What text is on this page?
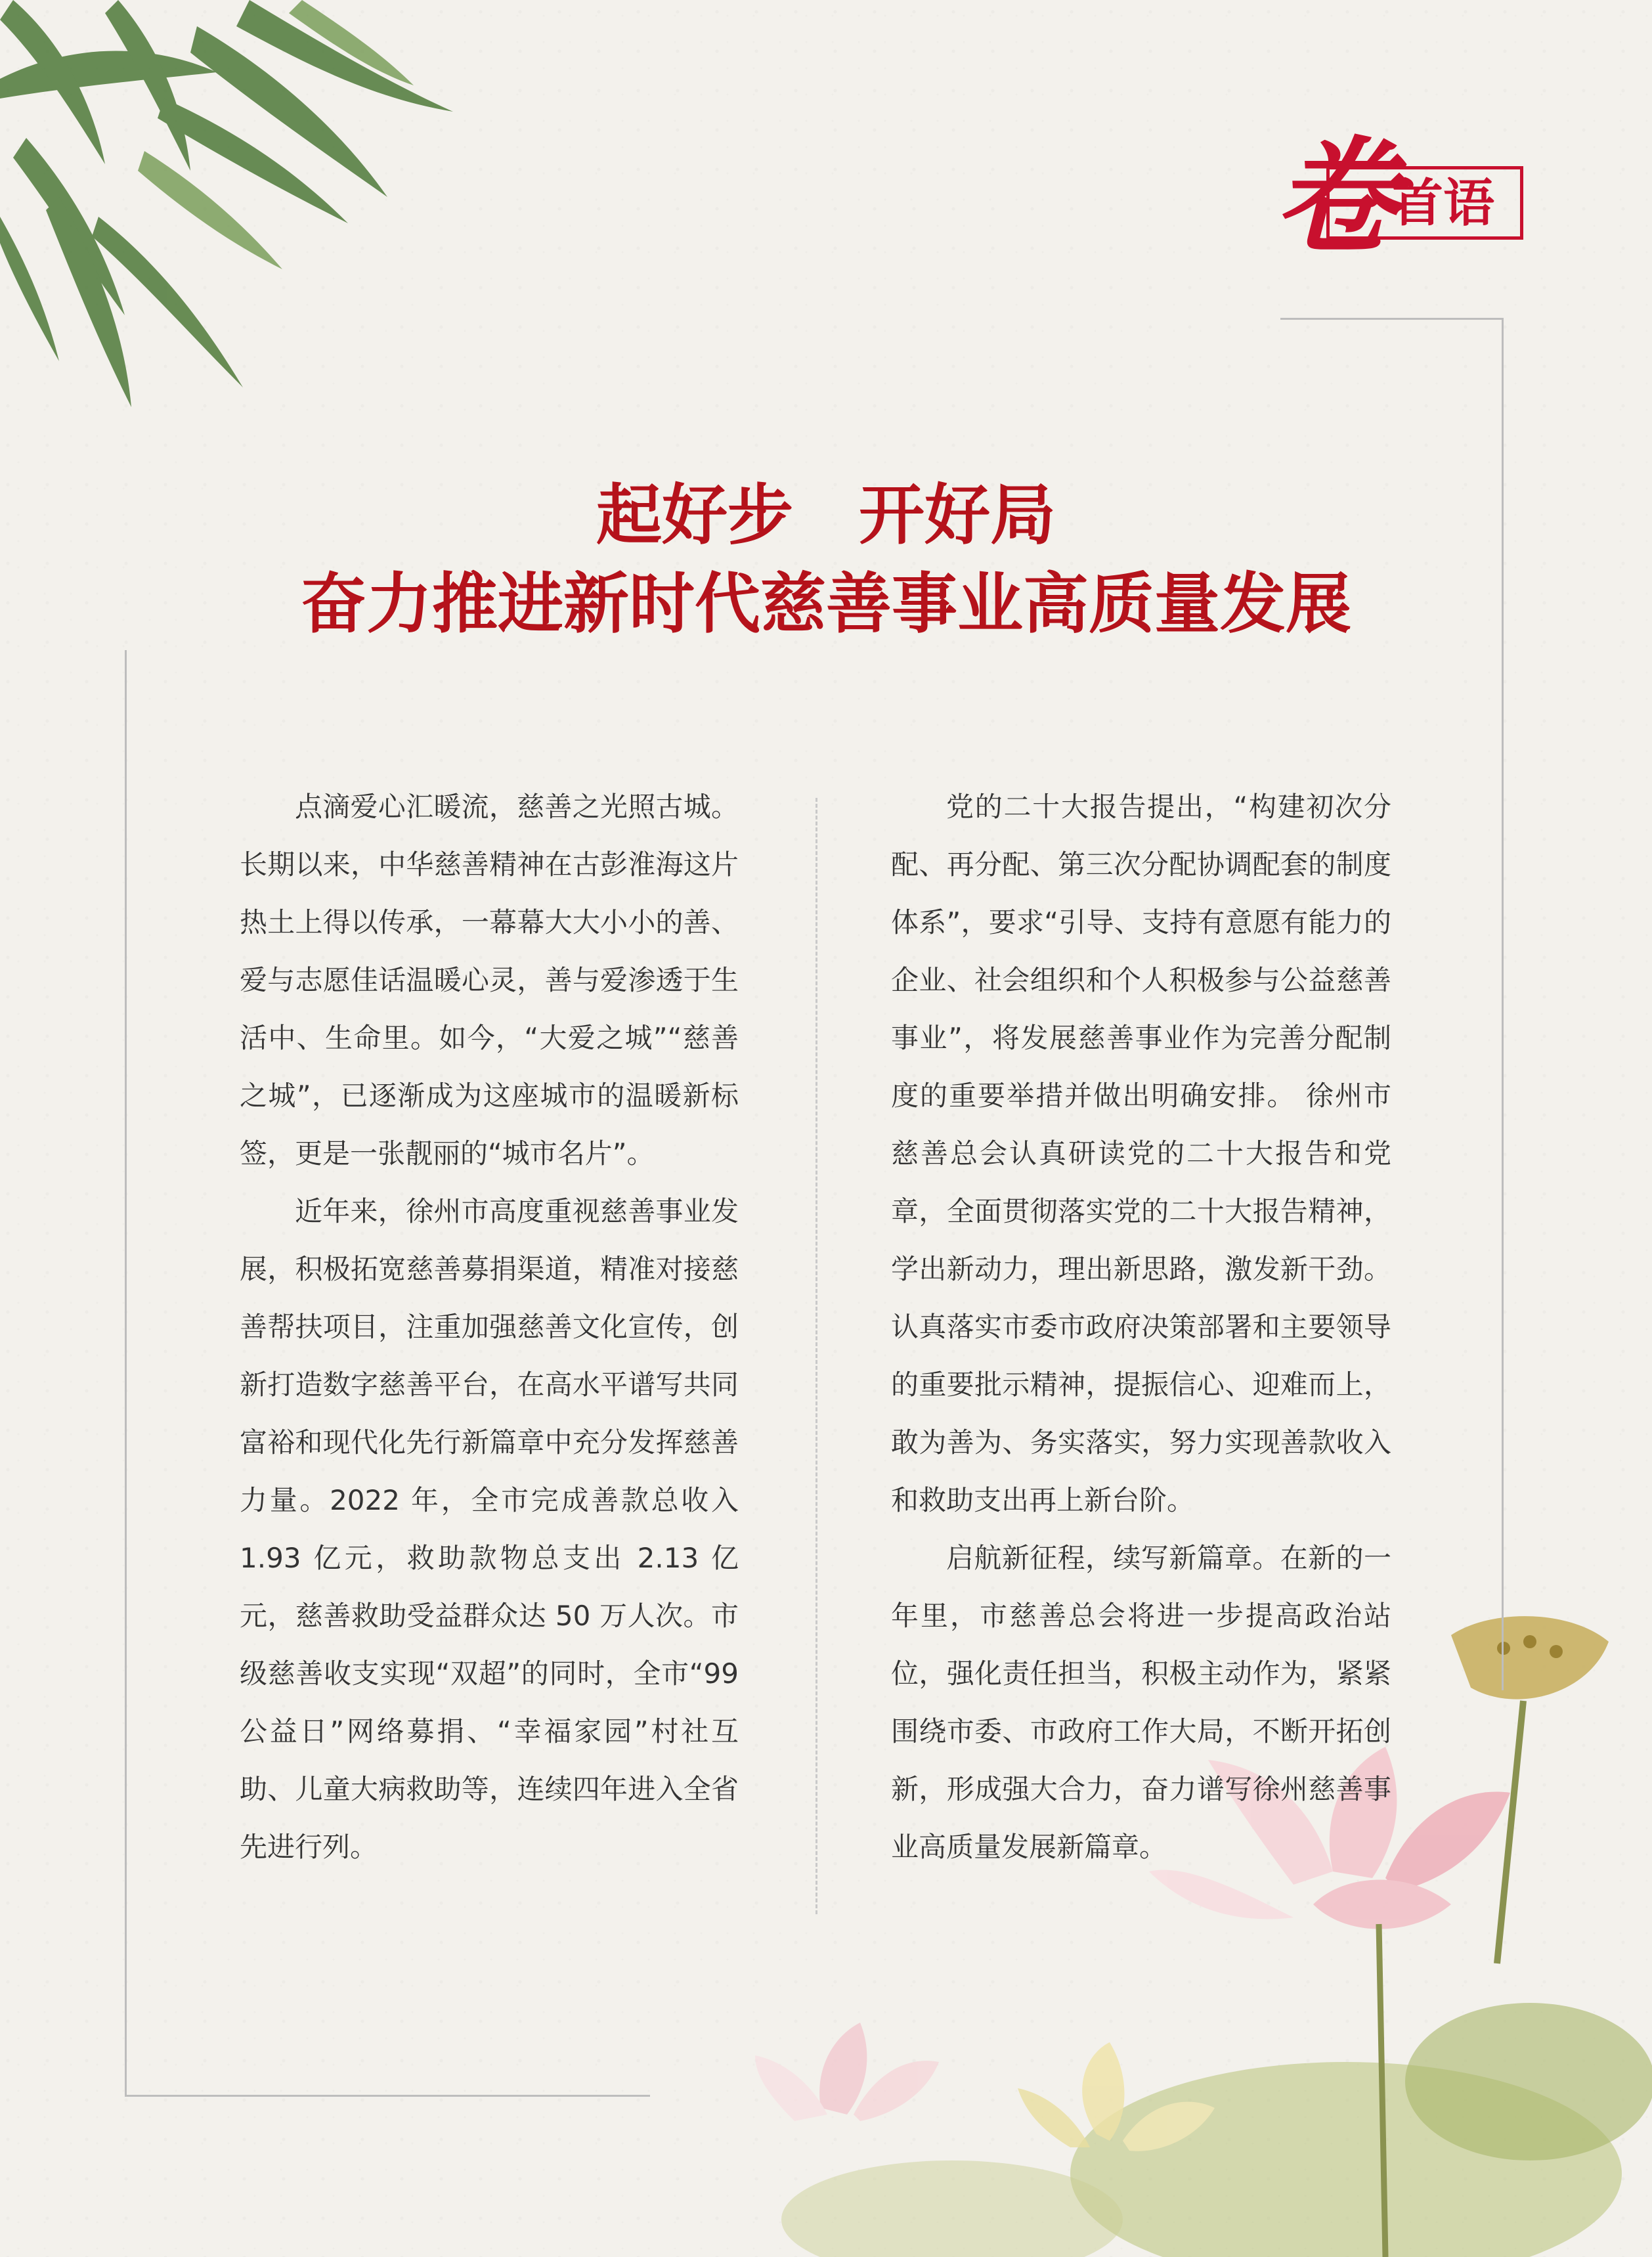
卷
首语
起好步　开好局
奋力推进新时代慈善事业高质量发展

点滴爱心汇暖流，慈善之光照古城。长期以来，中华慈善精神在古彭淮海这片热土上得以传承，一幕幕大大小小的善、爱与志愿佳话温暖心灵，善与爱渗透于生活中、生命里。如今，“大爱之城”“慈善之城”，已逐渐成为这座城市的温暖新标签，更是一张靓丽的“城市名片”。

近年来，徐州市高度重视慈善事业发展，积极拓宽慈善募捐渠道，精准对接慈善帮扶项目，注重加强慈善文化宣传，创新打造数字慈善平台，在高水平谱写共同富裕和现代化先行新篇章中充分发挥慈善力量。2022 年，全市完成善款总收入 1.93 亿元，救助款物总支出 2.13 亿元，慈善救助受益群众达 50 万人次。市级慈善收支实现“双超”的同时，全市“99 公益日”网络募捐、“幸福家园”村社互助、儿童大病救助等，连续四年进入全省先进行列。

党的二十大报告提出，“构建初次分配、再分配、第三次分配协调配套的制度体系”，要求“引导、支持有意愿有能力的企业、社会组织和个人积极参与公益慈善事业”，将发展慈善事业作为完善分配制度的重要举措并做出明确安排。 徐州市慈善总会认真研读党的二十大报告和党章，全面贯彻落实党的二十大报告精神，学出新动力，理出新思路，激发新干劲。认真落实市委市政府决策部署和主要领导的重要批示精神，提振信心、迎难而上，敢为善为、务实落实，努力实现善款收入和救助支出再上新台阶。

启航新征程，续写新篇章。在新的一年里，市慈善总会将进一步提高政治站位，强化责任担当，积极主动作为，紧紧围绕市委、市政府工作大局，不断开拓创新，形成强大合力，奋力谱写徐州慈善事业高质量发展新篇章。
